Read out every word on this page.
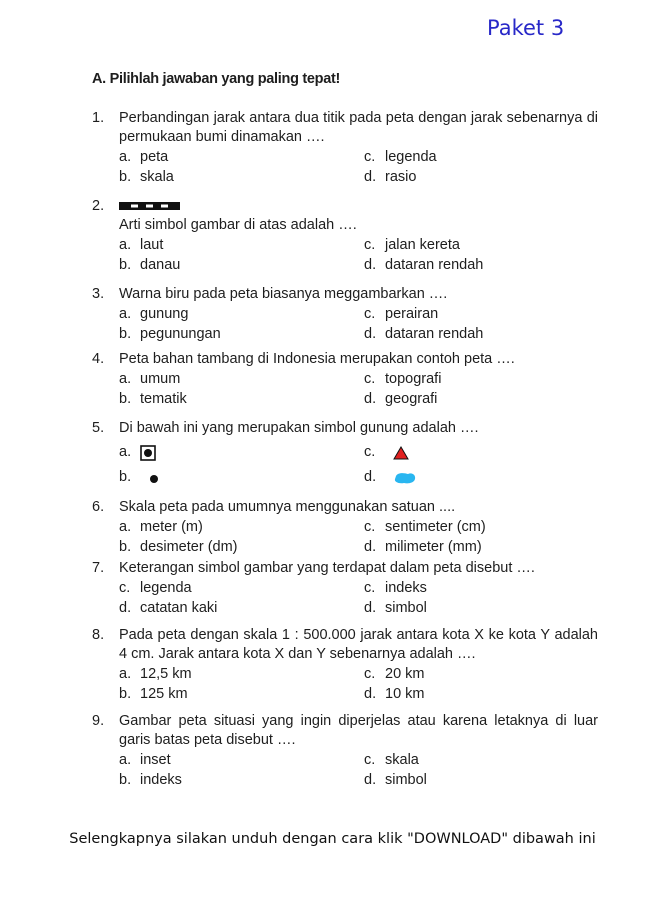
Paket 3
A. Pilihlah jawaban yang paling tepat!
1. Perbandingan jarak antara dua titik pada peta dengan jarak sebenarnya di permukaan bumi dinamakan ….
a. peta	c. legenda
b. skala	d. rasio
2.
Arti simbol gambar di atas adalah ….
a. laut	c. jalan kereta
b. danau	d. dataran rendah
3. Warna biru pada peta biasanya meggambarkan ….
a. gunung	c. perairan
b. pegunungan	d. dataran rendah
4. Peta bahan tambang di Indonesia merupakan contoh peta ….
a. umum	c. topografi
b. tematik	d. geografi
5. Di bawah ini yang merupakan simbol gunung adalah ….
a.	c.
b.	d.
6. Skala peta pada umumnya menggunakan satuan ....
a. meter (m)	c. sentimeter (cm)
b. desimeter (dm)	d. milimeter (mm)
7. Keterangan simbol gambar yang terdapat dalam peta disebut ….
c. legenda	c. indeks
d. catatan kaki	d. simbol
8. Pada peta dengan skala 1 : 500.000 jarak antara kota X ke kota Y adalah 4 cm. Jarak antara kota X dan Y sebenarnya adalah ….
a. 12,5 km	c. 20 km
b. 125 km	d. 10 km
9. Gambar peta situasi yang ingin diperjelas atau karena letaknya di luar garis batas peta disebut ….
a. inset	c. skala
b. indeks	d. simbol
Selengkapnya silakan unduh dengan cara klik "DOWNLOAD" dibawah ini
